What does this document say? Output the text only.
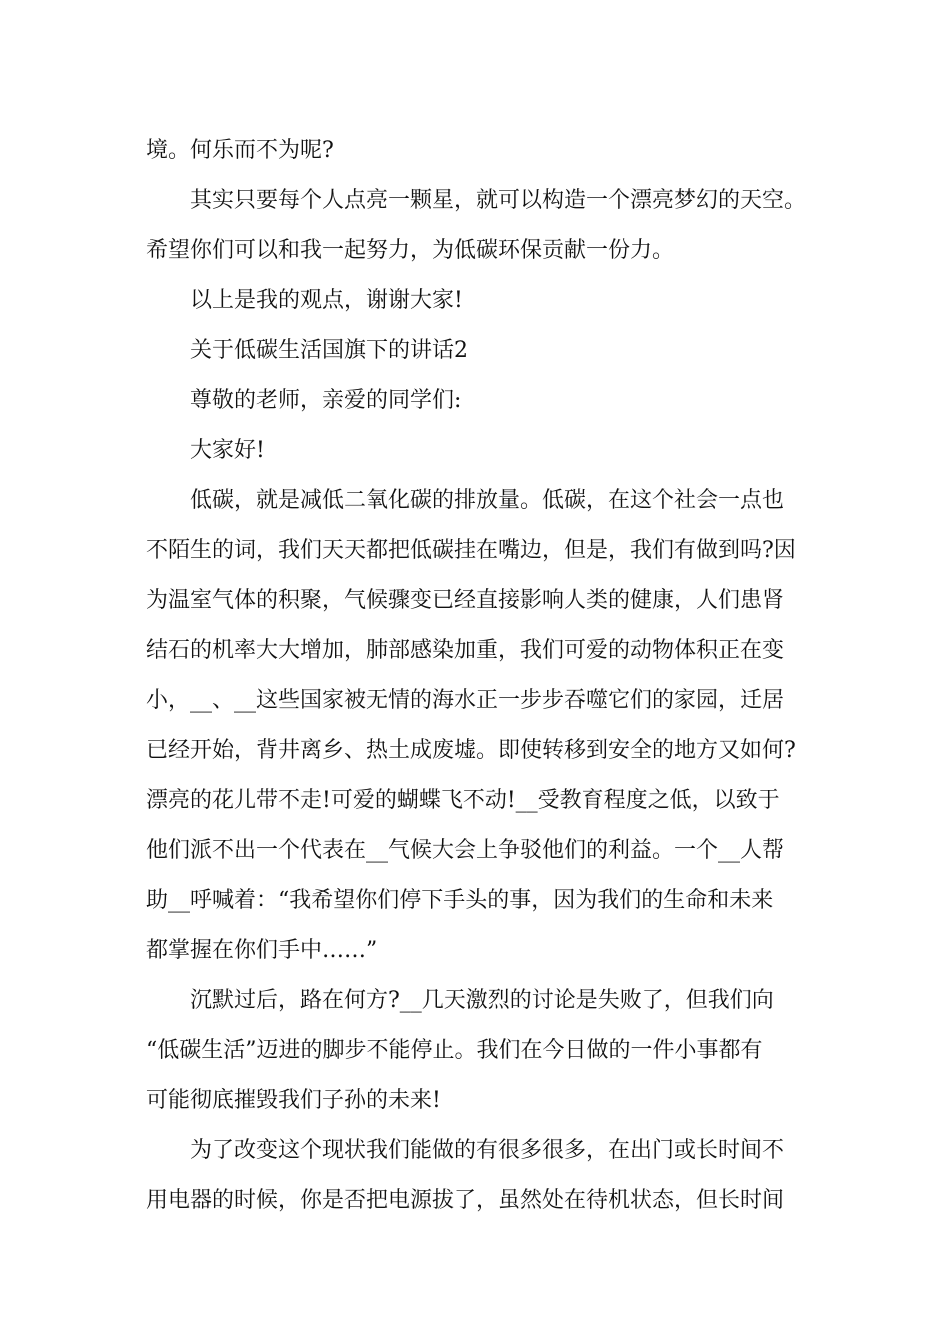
境。何乐而不为呢?
其实只要每个人点亮一颗星，就可以构造一个漂亮梦幻的天空。
希望你们可以和我一起努力，为低碳环保贡献一份力。
以上是我的观点，谢谢大家!
关于低碳生活国旗下的讲话2
尊敬的老师，亲爱的同学们:
大家好!
低碳，就是减低二氧化碳的排放量。低碳，在这个社会一点也
不陌生的词，我们天天都把低碳挂在嘴边，但是，我们有做到吗?因
为温室气体的积聚，气候骤变已经直接影响人类的健康，人们患肾
结石的机率大大增加，肺部感染加重，我们可爱的动物体积正在变
小，__、__这些国家被无情的海水正一步步吞噬它们的家园，迁居
已经开始，背井离乡、热土成废墟。即使转移到安全的地方又如何?
漂亮的花儿带不走!可爱的蝴蝶飞不动!__受教育程度之低，以致于
他们派不出一个代表在__气候大会上争驳他们的利益。一个__人帮
助__呼喊着：“我希望你们停下手头的事，因为我们的生命和未来
都掌握在你们手中……”
沉默过后，路在何方?__几天激烈的讨论是失败了，但我们向
“低碳生活”迈进的脚步不能停止。我们在今日做的一件小事都有
可能彻底摧毁我们子孙的未来!
为了改变这个现状我们能做的有很多很多，在出门或长时间不
用电器的时候，你是否把电源拔了，虽然处在待机状态，但长时间
